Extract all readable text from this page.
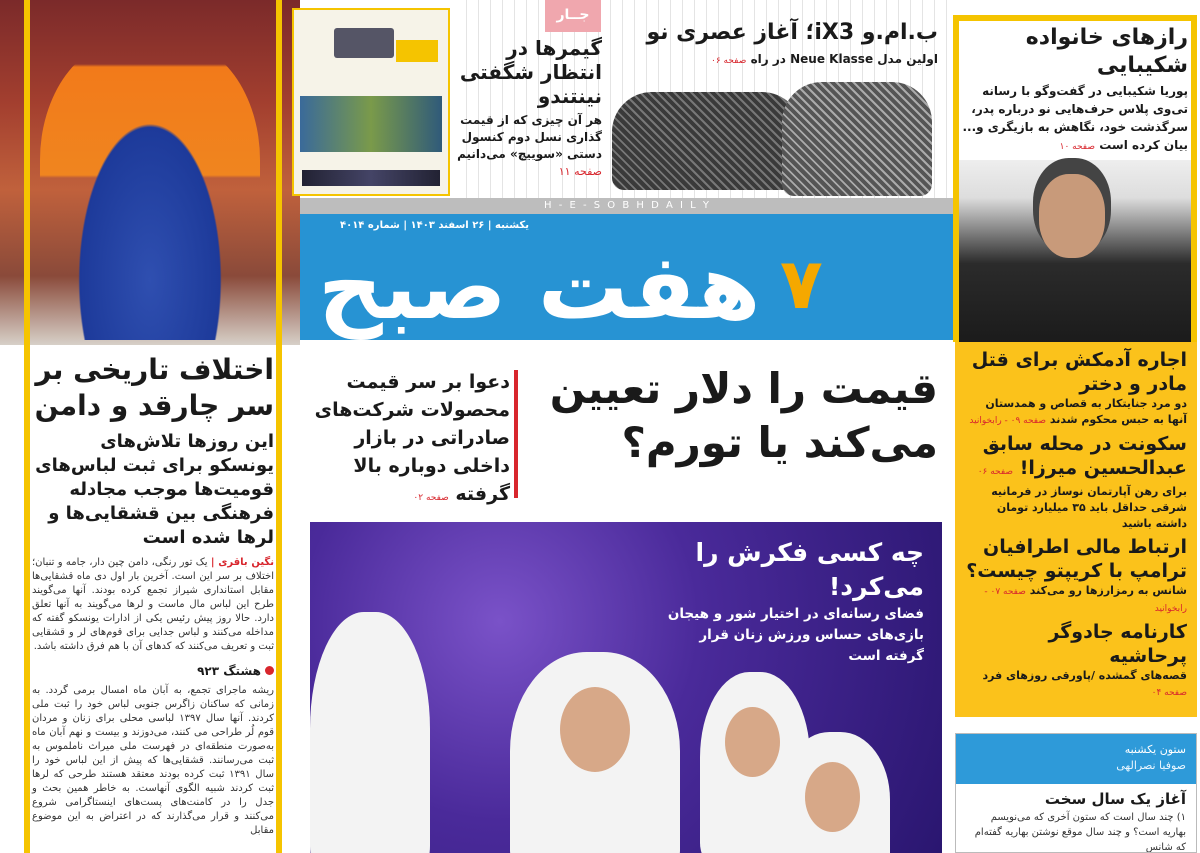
اختلاف تاریخی بر سر چارقد و دامن
این روزها تلاش‌های یونسکو برای ثبت لباس‌های قومیت‌ها موجب مجادله فرهنگی بین قشقایی‌ها و لرها شده است
نگین باقری | یک تور رنگی، دامن چین دار، جامه و تنبان؛ اختلاف بر سر این است. آخرین بار اول دی ماه قشقایی‌ها مقابل استانداری شیراز تجمع کرده بودند. آنها می‌گویند طرح این لباس مال ماست و لرها می‌گویند به آنها تعلق دارد. حالا روز پیش رئیس یکی از ادارات یونسکو گفته که مداخله می‌کنند و لباس جدایی برای قوم‌های لر و قشقایی ثبت و تعریف می‌کنند که کدهای آن با هم فرق داشته باشد.
هشتگ ۹۲۳
ریشه ماجرای تجمع، به آبان ماه امسال برمی گردد. به زمانی که ساکنان زاگرس جنوبی لباس خود را ثبت ملی کردند. آنها سال ۱۳۹۷ لباسی محلی برای زنان و مردان قوم لُر طراحی می کنند، می‌دوزند و بیست و نهم آبان ماه به‌صورت منطقه‌ای در فهرست ملی میراث ناملموس به ثبت می‌رسانند. قشقایی‌ها که پیش از این لباس خود را سال ۱۳۹۱ ثبت کرده بودند معتقد هستند طرحی که لرها ثبت کردند شبیه الگوی آنهاست. به خاطر همین بحث و جدل را در کامنت‌های پست‌های اینستاگرامی شروع می‌کنند و قرار می‌گذارند که در اعتراض به این موضوع مقابل
جــار
گیمرها در انتظار شگفتی نینتندو
هر آن چیزی که از قیمت گذاری نسل دوم کنسول دستی «سوییچ» می‌دانیم صفحه ۱۱
ب.ام.و iX3؛ آغاز عصری نو
اولین مدل Neue Klasse در راه صفحه ۰۶
H - E - S O B H D A I L Y
هفت صبح ۷
یکشنبه | ۲۶ اسفند ۱۴۰۳ | شماره ۴۰۱۴
رازهای خانواده شکیبایی
پوریا شکیبایی در گفت‌وگو با رسانه تی‌وی پلاس حرف‌هایی نو درباره پدر، سرگذشت خود، نگاهش به بازیگری و... بیان کرده است صفحه ۱۰
اجاره آدمکش برای قتل مادر و دختر
دو مرد جنایتکار به قصاص و همدستان آنها به حبس محکوم شدند صفحه ۰۹ - رابخوانید
سکونت در محله سابق عبدالحسین میرزا! صفحه ۰۶
برای رهن آپارتمان نوساز در فرمانیه شرقی حداقل باید ۳۵ میلیارد تومان داشته باشید
ارتباط مالی اطرافیان ترامپ با کریپتو چیست؟
شانس به رمزارزها رو می‌کند صفحه ۰۷ - رابخوانید
کارنامه جادوگر پرحاشیه
قصه‌های گمشده /پاورقی روزهای فرد صفحه ۰۴
ستون یکشنبه
صوفیا نصرالهی
آغاز یک سال سخت
۱) چند سال است که ستون آخری که می‌نویسم بهاریه است؟ و چند سال موقع نوشتن بهاریه گفته‌ام که شانس
قیمت را دلار تعیین می‌کند یا تورم؟
دعوا بر سر قیمت محصولات شرکت‌های صادراتی در بازار داخلی دوباره بالا گرفته صفحه ۰۲
چه کسی فکرش را می‌کرد!
فضای رسانه‌ای در اختیار شور و هیجان بازی‌های حساس ورزش زنان قرار گرفته است
